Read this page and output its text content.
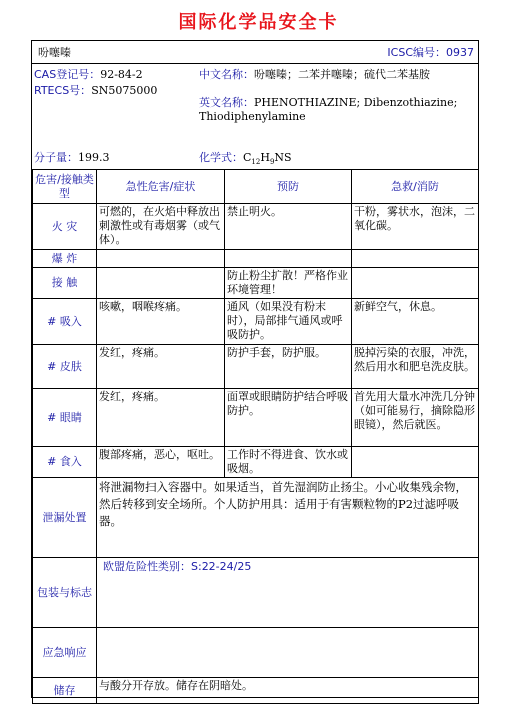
国际化学品安全卡
吩噻嗪	ICSC编号：0937
CAS登记号：92-84-2
RTECS号：SN5075000
中文名称：吩噻嗪；二苯并噻嗪；硫代二苯基胺
英文名称：PHENOTHIAZINE; Dibenzothiazine;
Thiodiphenylamine
分子量：199.3	化学式：$C_{12}H_9NS$
危害/接触类型	急性危害/症状	预防	急救/消防
火 灾	可燃的，在火焰中释放出刺激性或有毒烟雾（或气体）。	禁止明火。	干粉，雾状水，泡沫，二氧化碳。
爆 炸			
接 触		防止粉尘扩散！严格作业环境管理！	
# 吸入	咳嗽，咽喉疼痛。	通风（如果没有粉末时），局部排气通风或呼吸防护。	新鲜空气，休息。
# 皮肤	发红，疼痛。	防护手套，防护服。	脱掉污染的衣服，冲洗，然后用水和肥皂洗皮肤。
# 眼睛	发红，疼痛。	面罩或眼睛防护结合呼吸防护。	首先用大量水冲洗几分钟（如可能易行，摘除隐形眼镜），然后就医。
# 食入	腹部疼痛，恶心，呕吐。	工作时不得进食、饮水或吸烟。	
泄漏处置	将泄漏物扫入容器中。如果适当，首先湿润防止扬尘。小心收集残余物，然后转移到安全场所。个人防护用具：适用于有害颗粒物的P2过滤呼吸器。		
包装与标志	欧盟危险性类别：S:22-24/25		
应急响应			
储存	与酸分开存放。储存在阴暗处。		
